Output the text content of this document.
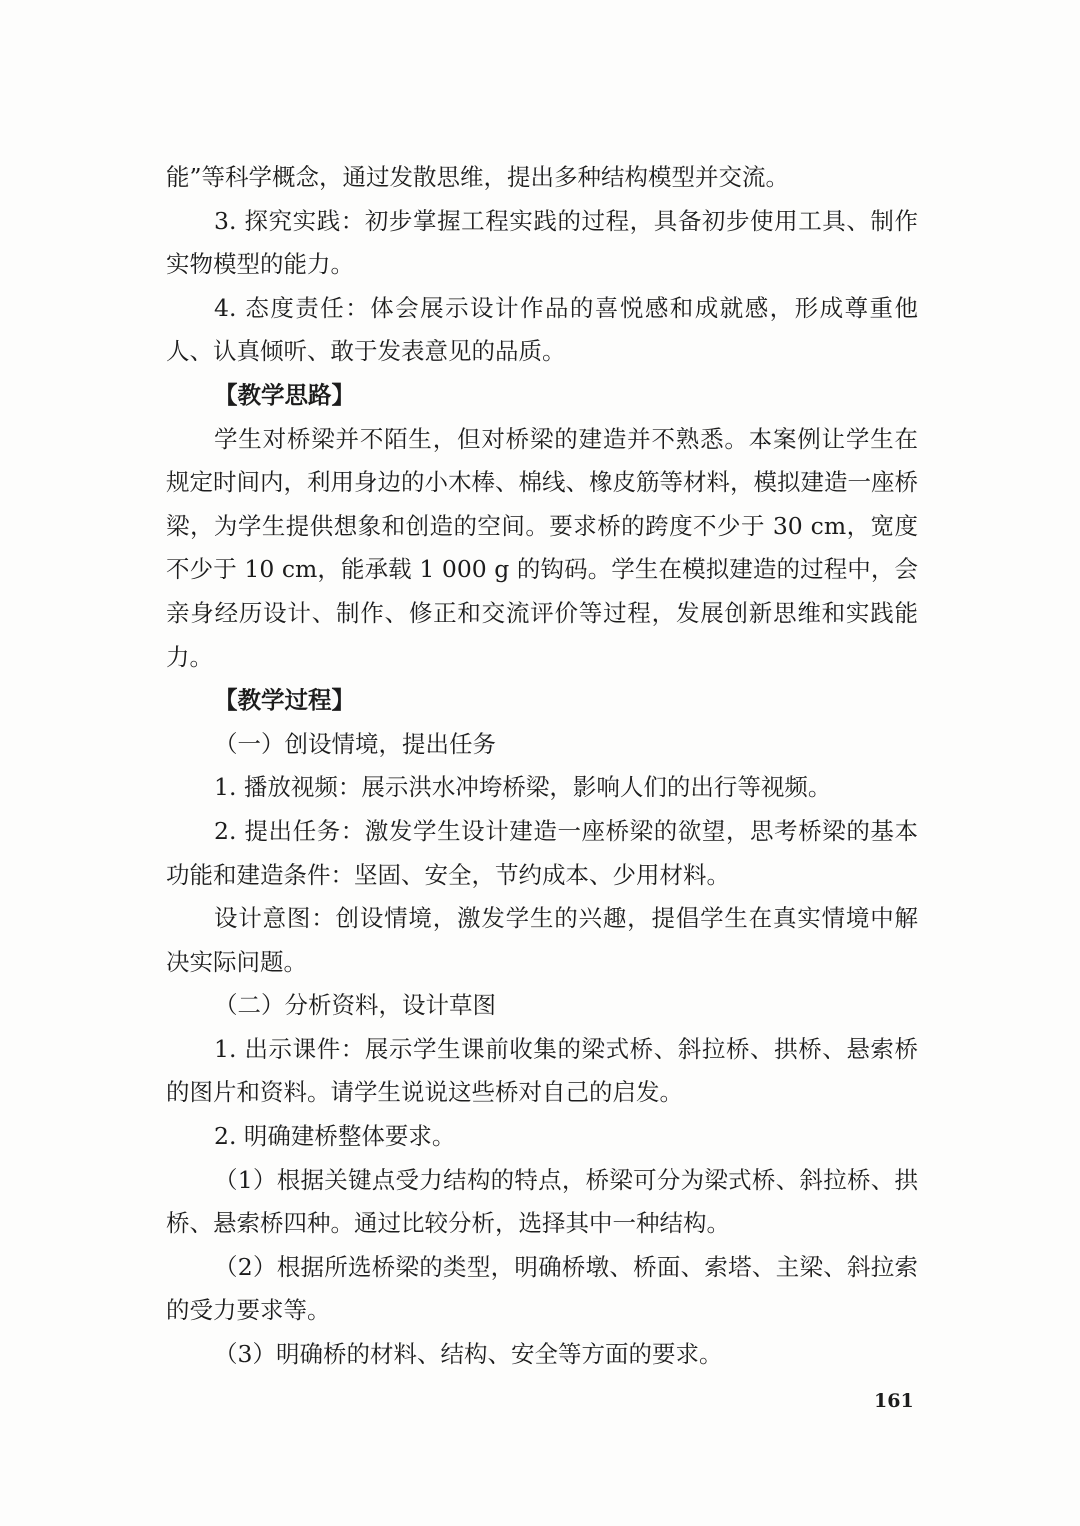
能”等科学概念，通过发散思维，提出多种结构模型并交流。

3. 探究实践：初步掌握工程实践的过程，具备初步使用工具、制作实物模型的能力。

4. 态度责任：体会展示设计作品的喜悦感和成就感，形成尊重他人、认真倾听、敢于发表意见的品质。

【教学思路】

学生对桥梁并不陌生，但对桥梁的建造并不熟悉。本案例让学生在规定时间内，利用身边的小木棒、棉线、橡皮筋等材料，模拟建造一座桥梁，为学生提供想象和创造的空间。要求桥的跨度不少于 30 cm，宽度不少于 10 cm，能承载 1 000 g 的钩码。学生在模拟建造的过程中，会亲身经历设计、制作、修正和交流评价等过程，发展创新思维和实践能力。

【教学过程】

（一）创设情境，提出任务

1. 播放视频：展示洪水冲垮桥梁，影响人们的出行等视频。

2. 提出任务：激发学生设计建造一座桥梁的欲望，思考桥梁的基本功能和建造条件：坚固、安全，节约成本、少用材料。

设计意图：创设情境，激发学生的兴趣，提倡学生在真实情境中解决实际问题。

（二）分析资料，设计草图

1. 出示课件：展示学生课前收集的梁式桥、斜拉桥、拱桥、悬索桥的图片和资料。请学生说说这些桥对自己的启发。

2. 明确建桥整体要求。

（1）根据关键点受力结构的特点，桥梁可分为梁式桥、斜拉桥、拱桥、悬索桥四种。通过比较分析，选择其中一种结构。

（2）根据所选桥梁的类型，明确桥墩、桥面、索塔、主梁、斜拉索的受力要求等。

（3）明确桥的材料、结构、安全等方面的要求。

161
